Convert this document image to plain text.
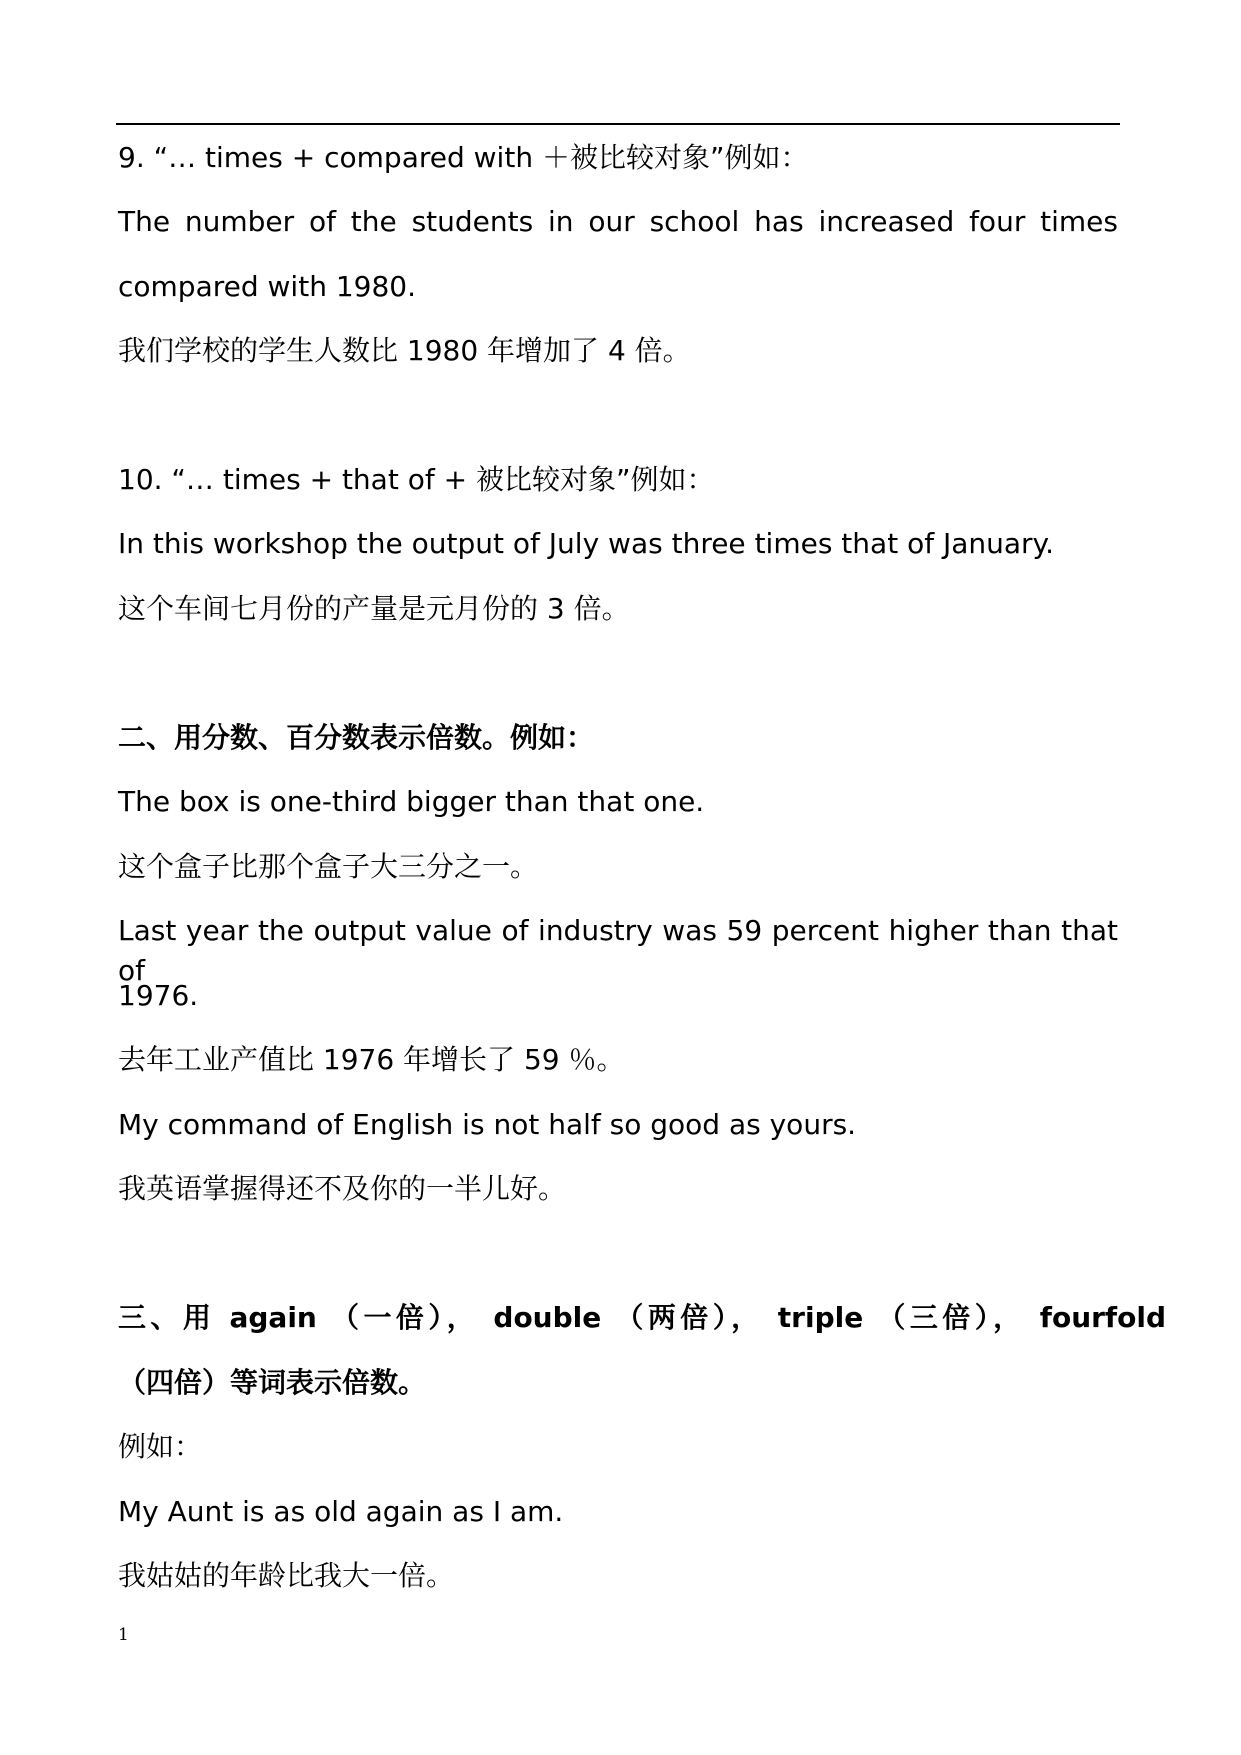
9. “… times + compared with ＋被比较对象”例如：

The number of the students in our school has increased four times

compared with 1980.

我们学校的学生人数比 1980 年增加了 4 倍。

10. “… times + that of + 被比较对象”例如：

In this workshop the output of July was three times that of January.

这个车间七月份的产量是元月份的 3 倍。

二、用分数、百分数表示倍数。例如：

The box is one-third bigger than that one.

这个盒子比那个盒子大三分之一。

Last year the output value of industry was 59 percent higher than that of

1976.

去年工业产值比 1976 年增长了 59 ％。

My command of English is not half so good as yours.

我英语掌握得还不及你的一半儿好。

三、用 again （一倍）， double （两倍）， triple （三倍）， fourfold

（四倍）等词表示倍数。

例如：

My Aunt is as old again as I am.

我姑姑的年龄比我大一倍。

1
